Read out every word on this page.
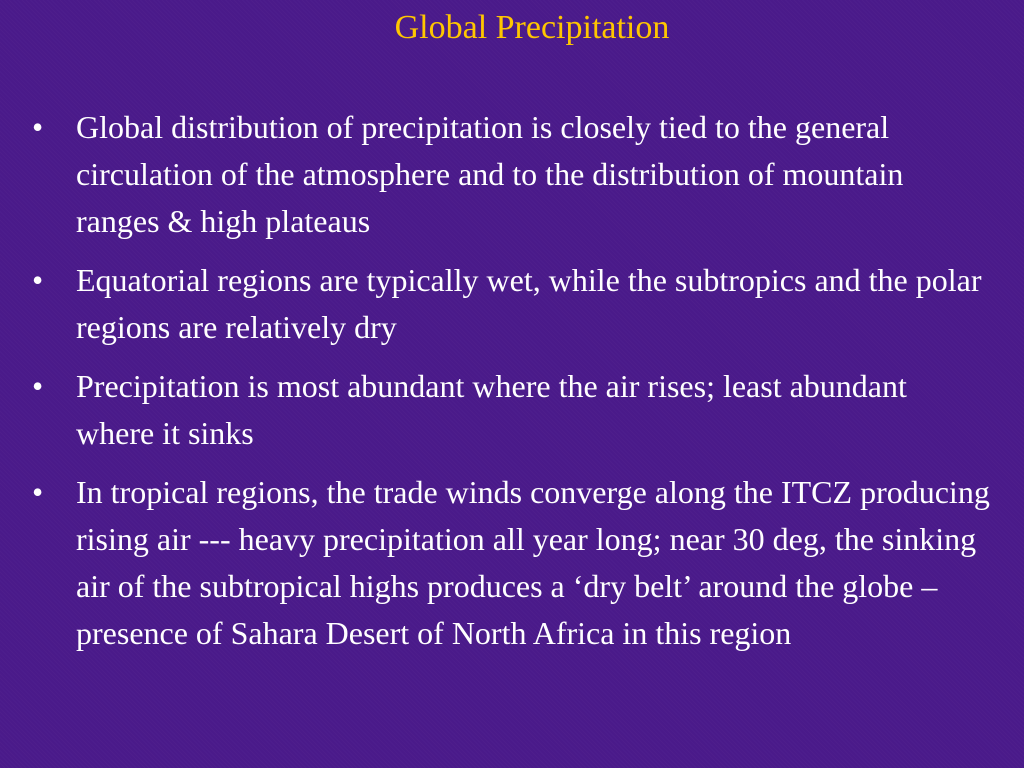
Global Precipitation
•	Global distribution of precipitation is closely tied to the general circulation of the atmosphere and to the distribution of mountain ranges & high plateaus
•	Equatorial regions are typically wet, while the subtropics and the polar regions are relatively dry
•	Precipitation is most abundant where the air rises; least abundant where it sinks
•	In tropical regions, the trade winds converge along the ITCZ producing rising air --- heavy precipitation all year long; near 30 deg, the sinking air of the subtropical highs produces a ‘dry belt’ around the globe – presence of Sahara Desert of North Africa in this region
